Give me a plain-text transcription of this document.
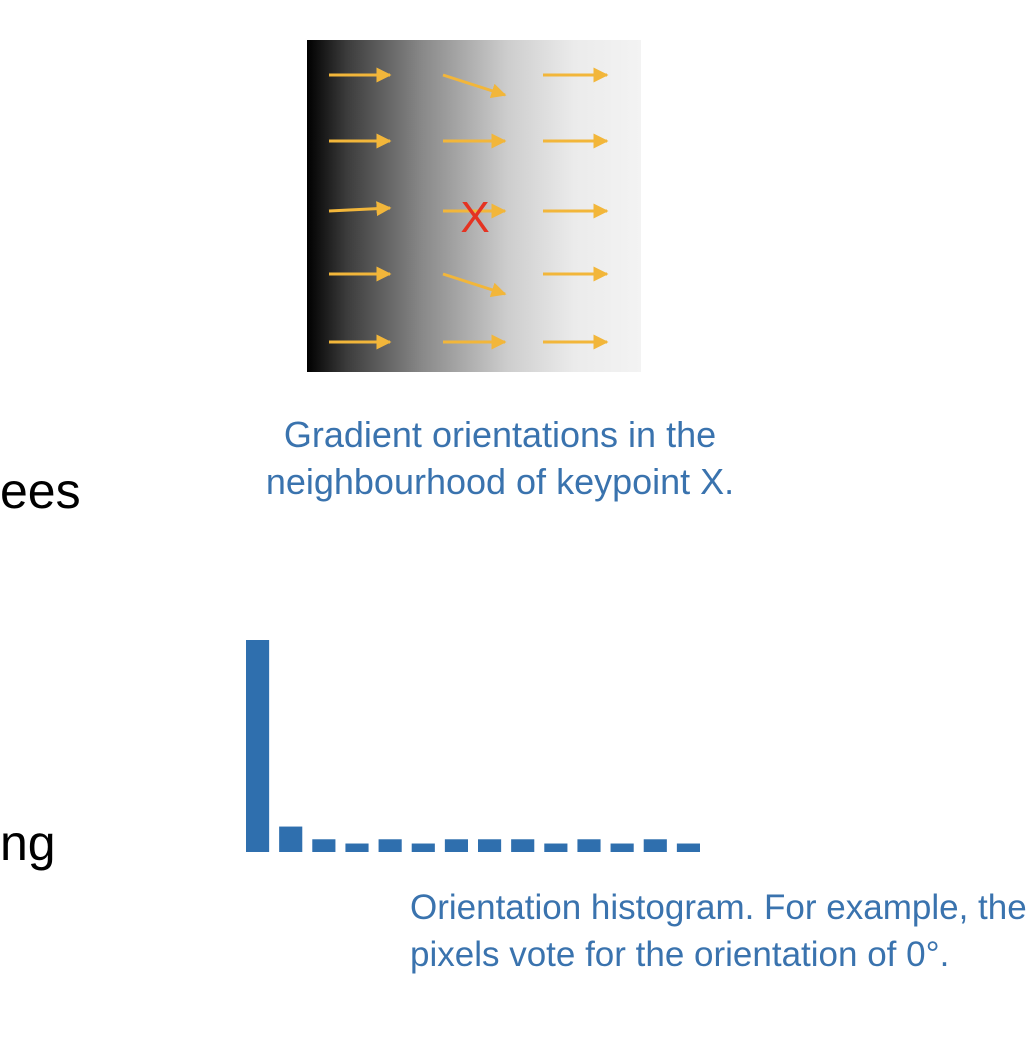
ees
ng
X
Gradient orientations in the
neighbourhood of keypoint X.
Orientation histogram. For example, the
pixels vote for the orientation of 0°.
